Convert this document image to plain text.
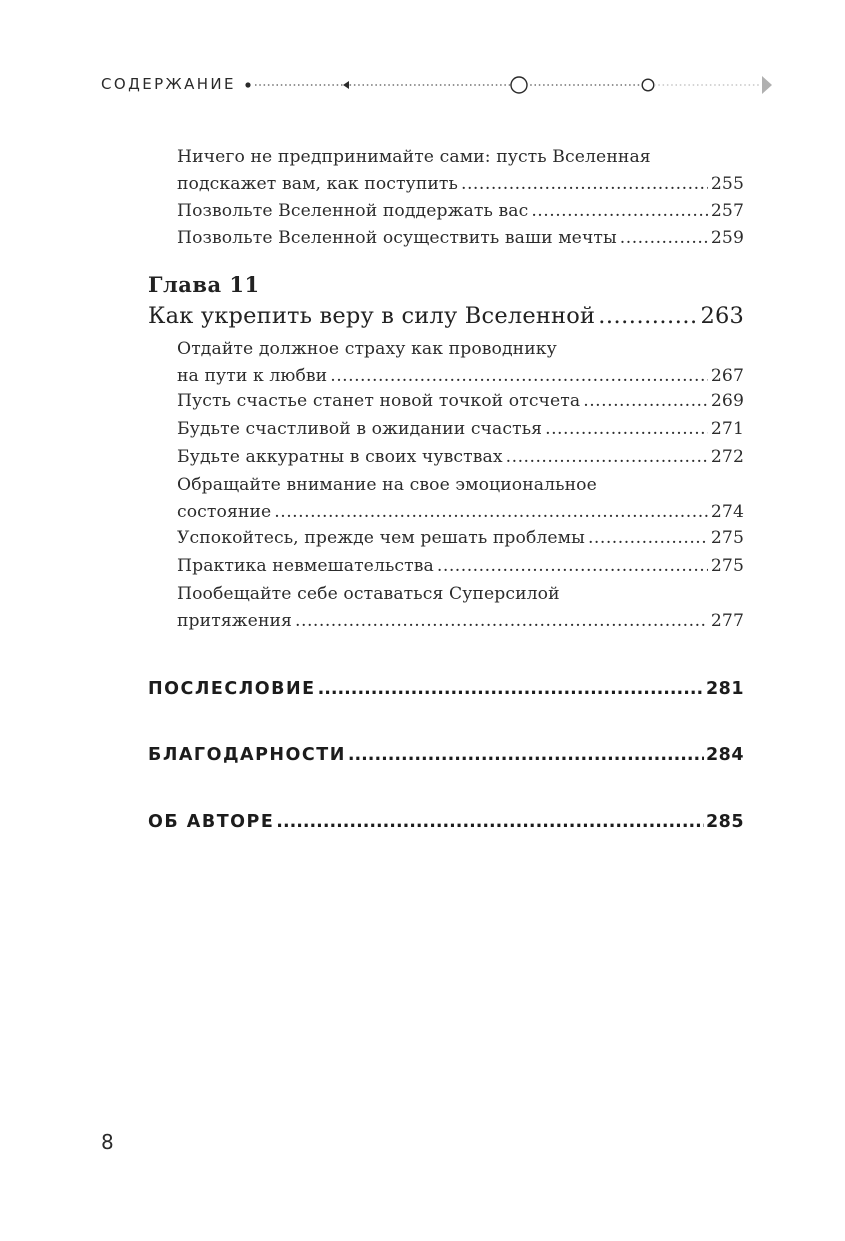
СОДЕРЖАНИЕ
Ничего не предпринимайте сами: пусть Вселенная
подскажет вам, как поступить .....	255
Позвольте Вселенной поддержать вас .....	257
Позвольте Вселенной осуществить ваши мечты .....	259
Глава 11
Как укрепить веру в силу Вселенной .....	263
Отдайте должное страху как проводнику
на пути к любви .....	267
Пусть счастье станет новой точкой отсчета .....	269
Будьте счастливой в ожидании счастья .....	271
Будьте аккуратны в своих чувствах .....	272
Обращайте внимание на свое эмоциональное
состояние .....	274
Успокойтесь, прежде чем решать проблемы .....	275
Практика невмешательства .....	275
Пообещайте себе оставаться Суперсилой
притяжения .....	277
ПОСЛЕСЛОВИЕ .....	281
БЛАГОДАРНОСТИ .....	284
ОБ АВТОРЕ .....	285
8
